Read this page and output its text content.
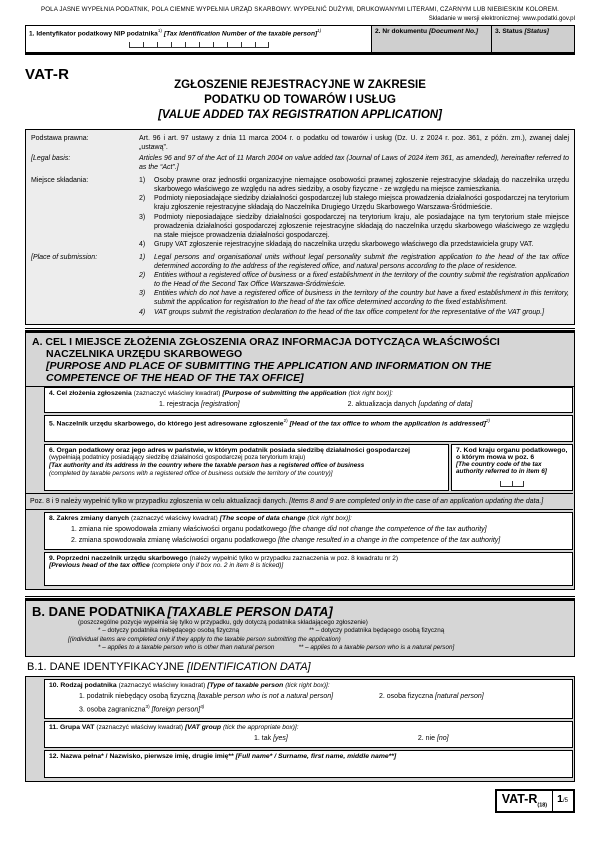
POLA JASNE WYPEŁNIA PODATNIK, POLA CIEMNE WYPEŁNIA URZĄD SKARBOWY. WYPEŁNIĆ DUŻYMI, DRUKOWANYMI LITERAMI, CZARNYM LUB NIEBIESKIM KOLOREM.
Składanie w wersji elektronicznej: www.podatki.gov.pl
1. Identyfikator podatkowy NIP podatnika$^{1)}$ [Tax Identification Number of the taxable person]$^{1)}$	2. Nr dokumentu [Document No.]	3. Status [Status]
VAT-R
ZGŁOSZENIE REJESTRACYJNE W ZAKRESIE
PODATKU OD TOWARÓW I USŁUG
[VALUE ADDED TAX REGISTRATION APPLICATION]
Podstawa prawna:	Art. 96 i art. 97 ustawy z dnia 11 marca 2004 r. o podatku od towarów i usług (Dz. U. z 2024 r. poz. 361, z późn. zm.), zwanej dalej „ustawą”.
[Legal basis:	Articles 96 and 97 of the Act of 11 March 2004 on value added tax (Journal of Laws of 2024 item 361, as amended), hereinafter referred to as the “Act”.]
Miejsce składania:	1)	Osoby prawne oraz jednostki organizacyjne niemające osobowości prawnej zgłoszenie rejestracyjne składają do naczelnika urzędu skarbowego właściwego ze względu na adres siedziby, a osoby fizyczne - ze względu na miejsce zamieszkania.
2)	Podmioty nieposiadające siedziby działalności gospodarczej lub stałego miejsca prowadzenia działalności gospodarczej na terytorium kraju zgłoszenie rejestracyjne składają do Naczelnika Drugiego Urzędu Skarbowego Warszawa-Śródmieście.
3)	Podmioty nieposiadające siedziby działalności gospodarczej na terytorium kraju, ale posiadające na tym terytorium stałe miejsce prowadzenia działalności gospodarczej zgłoszenie rejestracyjne składają do naczelnika urzędu skarbowego właściwego ze względu na stałe miejsce prowadzenia działalności gospodarczej.
4)	Grupy VAT zgłoszenie rejestracyjne składają do naczelnika urzędu skarbowego właściwego dla przedstawiciela grupy VAT.
[Place of submission:	1)	Legal persons and organisational units without legal personality submit the registration application to the head of the tax office determined according to the address of the registered office, and natural persons according to the place of residence.
2)	Entities without a registered office of business or a fixed establishment in the territory of the country submit the registration application to the Head of the Second Tax Office Warszawa-Śródmieście.
3)	Entities which do not have a registered office of business in the territory of the country but have a fixed establishment in this territory, submit the application for registration to the head of the tax office determined according to the fixed establishment.
4)	VAT groups submit the registration declaration to the head of the tax office competent for the representative of the VAT group.]
A. CEL I MIEJSCE ZŁOŻENIA ZGŁOSZENIA ORAZ INFORMACJA DOTYCZĄCA WŁAŚCIWOŚCI NACZELNIKA URZĘDU SKARBOWEGO
[PURPOSE AND PLACE OF SUBMITTING THE APPLICATION AND INFORMATION ON THE COMPETENCE OF THE HEAD OF THE TAX OFFICE]
4. Cel złożenia zgłoszenia (zaznaczyć właściwy kwadrat) [Purpose of submitting the application (tick right box)]:
1. rejestracja [registration]	2. aktualizacja danych [updating of data]
5. Naczelnik urzędu skarbowego, do którego jest adresowane zgłoszenie$^{2)}$ [Head of the tax office to whom the application is addressed]$^{2)}$
6. Organ podatkowy oraz jego adres w państwie, w którym podatnik posiada siedzibę działalności gospodarczej
(wypełniają podatnicy posiadający siedzibę działalności gospodarczej poza terytorium kraju)
[Tax authority and its address in the country where the taxable person has a registered office of business
(completed by taxable persons with a registered office of business outside the territory of the country)]
7. Kod kraju organu podatkowego, o którym mowa w poz. 6
[The country code of the tax authority referred to in item 6]
Poz. 8 i 9 należy wypełnić tylko w przypadku zgłoszenia w celu aktualizacji danych. [Items 8 and 9 are completed only in the case of an application updating the data.]
8. Zakres zmiany danych (zaznaczyć właściwy kwadrat) [The scope of data change (tick right box)]:
1. zmiana nie spowodowała zmiany właściwości organu podatkowego [the change did not change the competence of the tax authority]
2. zmiana spowodowała zmianę właściwości organu podatkowego [the change resulted in a change in the competence of the tax authority]
9. Poprzedni naczelnik urzędu skarbowego (należy wypełnić tylko w przypadku zaznaczenia w poz. 8 kwadratu nr 2)
[Previous head of the tax office (complete only if box no. 2 in item 8 is ticked)]
B. DANE PODATNIKA [TAXABLE PERSON DATA]
(poszczególne pozycje wypełnia się tylko w przypadku, gdy dotyczą podatnika składającego zgłoszenie)
* – dotyczy podatnika niebędącego osobą fizyczną	** – dotyczy podatnika będącego osobą fizyczną
[(individual items are completed only if they apply to the taxable person submitting the application)
* – applies to a taxable person who is other than natural person	** – applies to a taxable person who is a natural person]
B.1. DANE IDENTYFIKACYJNE [IDENTIFICATION DATA]
10. Rodzaj podatnika (zaznaczyć właściwy kwadrat) [Type of taxable person (tick right box)]:
1. podatnik niebędący osobą fizyczną [taxable person who is not a natural person]	2. osoba fizyczna [natural person]
3. osoba zagraniczna$^{3)}$ [foreign person]$^{3)}$
11. Grupa VAT (zaznaczyć właściwy kwadrat) [VAT group (tick the appropriate box)]:
1. tak [yes]	2. nie [no]
12. Nazwa pełna* / Nazwisko, pierwsze imię, drugie imię** [Full name* / Surname, first name, middle name**]
VAT-$R_{(18)}$
1/5
